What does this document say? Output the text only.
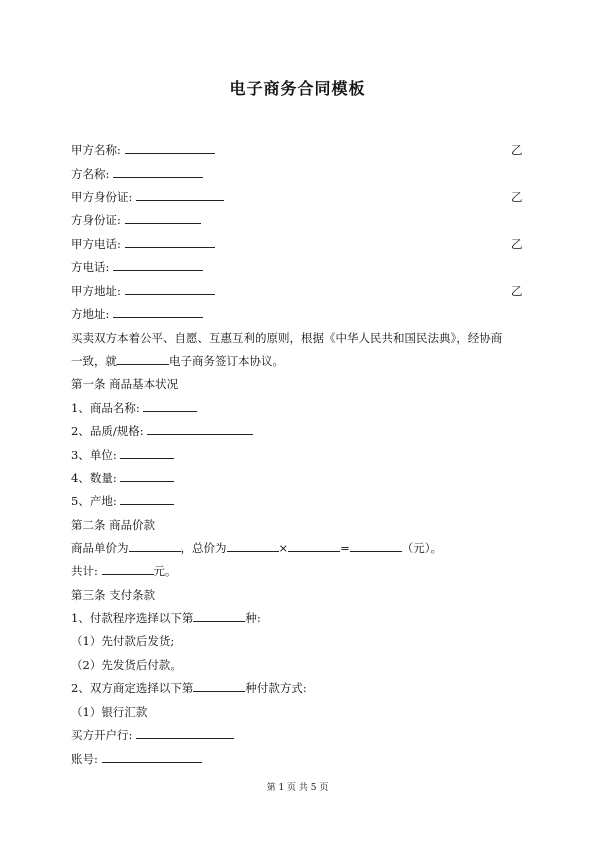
电子商务合同模板
甲方名称:	乙
方名称:
甲方身份证:	乙
方身份证:
甲方电话:	乙
方电话:
甲方地址:	乙
方地址:
买卖双方本着公平、自愿、互惠互利的原则，根据《中华人民共和国民法典》，经协商
一致，就	电子商务签订本协议。
第一条 商品基本状况
1、商品名称:
2、品质/规格:
3、单位:
4、数量:
5、产地:
第二条 商品价款
商品单价为	，总价为	×	=	（元）。
共计:	元。
第三条 支付条款
1、付款程序选择以下第	种:
（1）先付款后发货;
（2）先发货后付款。
2、双方商定选择以下第	种付款方式:
（1）银行汇款
买方开户行:
账号:
第 1 页 共 5 页
